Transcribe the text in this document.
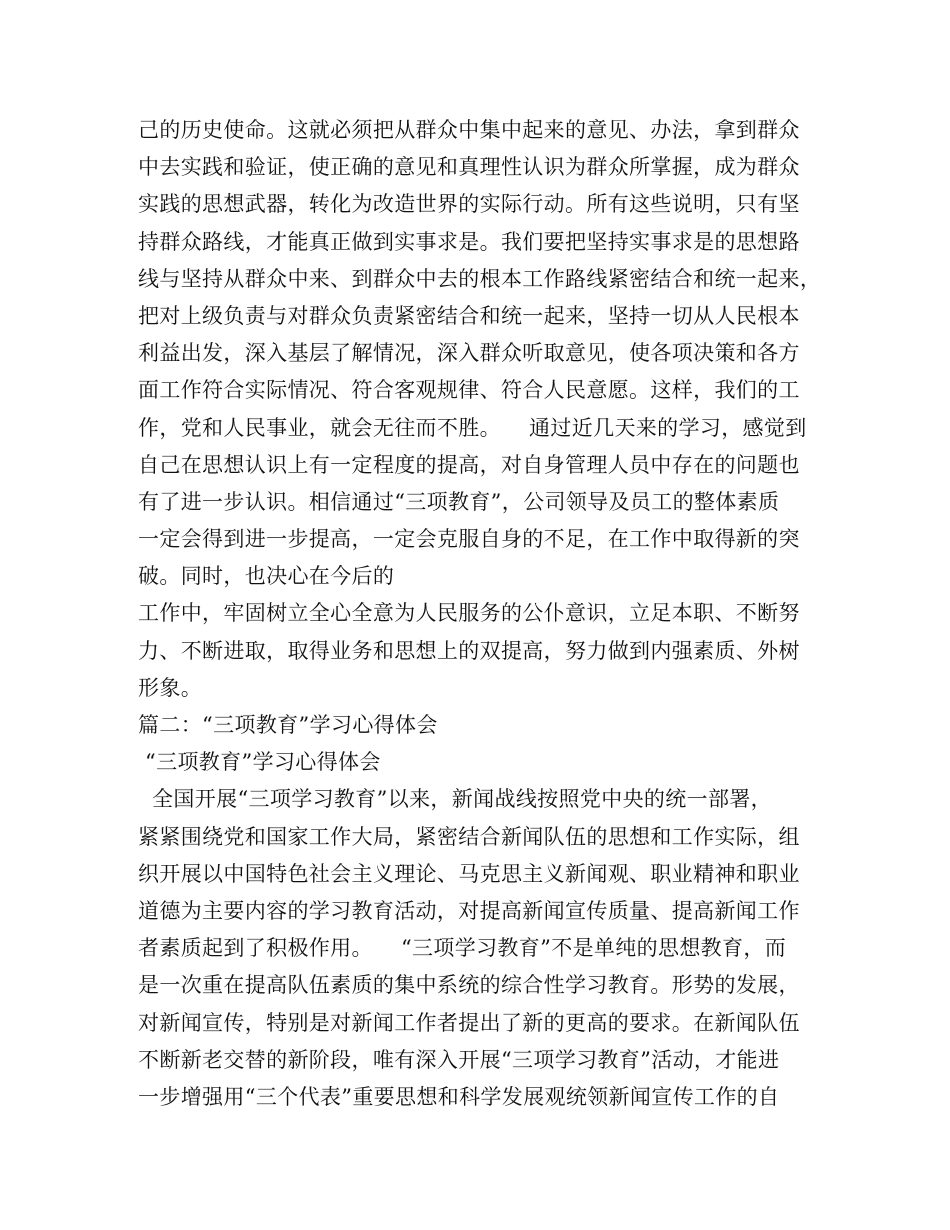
己的历史使命。这就必须把从群众中集中起来的意见、办法，拿到群众
中去实践和验证，使正确的意见和真理性认识为群众所掌握，成为群众
实践的思想武器，转化为改造世界的实际行动。所有这些说明，只有坚
持群众路线，才能真正做到实事求是。我们要把坚持实事求是的思想路
线与坚持从群众中来、到群众中去的根本工作路线紧密结合和统一起来，
把对上级负责与对群众负责紧密结合和统一起来，坚持一切从人民根本
利益出发，深入基层了解情况，深入群众听取意见，使各项决策和各方
面工作符合实际情况、符合客观规律、符合人民意愿。这样，我们的工
作，党和人民事业，就会无往而不胜。    通过近几天来的学习，感觉到
自己在思想认识上有一定程度的提高，对自身管理人员中存在的问题也
有了进一步认识。相信通过“三项教育”，公司领导及员工的整体素质
一定会得到进一步提高，一定会克服自身的不足，在工作中取得新的突
破。同时，也决心在今后的
工作中，牢固树立全心全意为人民服务的公仆意识，立足本职、不断努
力、不断进取，取得业务和思想上的双提高，努力做到内强素质、外树
形象。
篇二：“三项教育”学习心得体会
“三项教育”学习心得体会
全国开展“三项学习教育”以来，新闻战线按照党中央的统一部署，
紧紧围绕党和国家工作大局，紧密结合新闻队伍的思想和工作实际，组
织开展以中国特色社会主义理论、马克思主义新闻观、职业精神和职业
道德为主要内容的学习教育活动，对提高新闻宣传质量、提高新闻工作
者素质起到了积极作用。    “三项学习教育”不是单纯的思想教育，而
是一次重在提高队伍素质的集中系统的综合性学习教育。形势的发展，
对新闻宣传，特别是对新闻工作者提出了新的更高的要求。在新闻队伍
不断新老交替的新阶段，唯有深入开展“三项学习教育”活动，才能进
一步增强用“三个代表”重要思想和科学发展观统领新闻宣传工作的自
